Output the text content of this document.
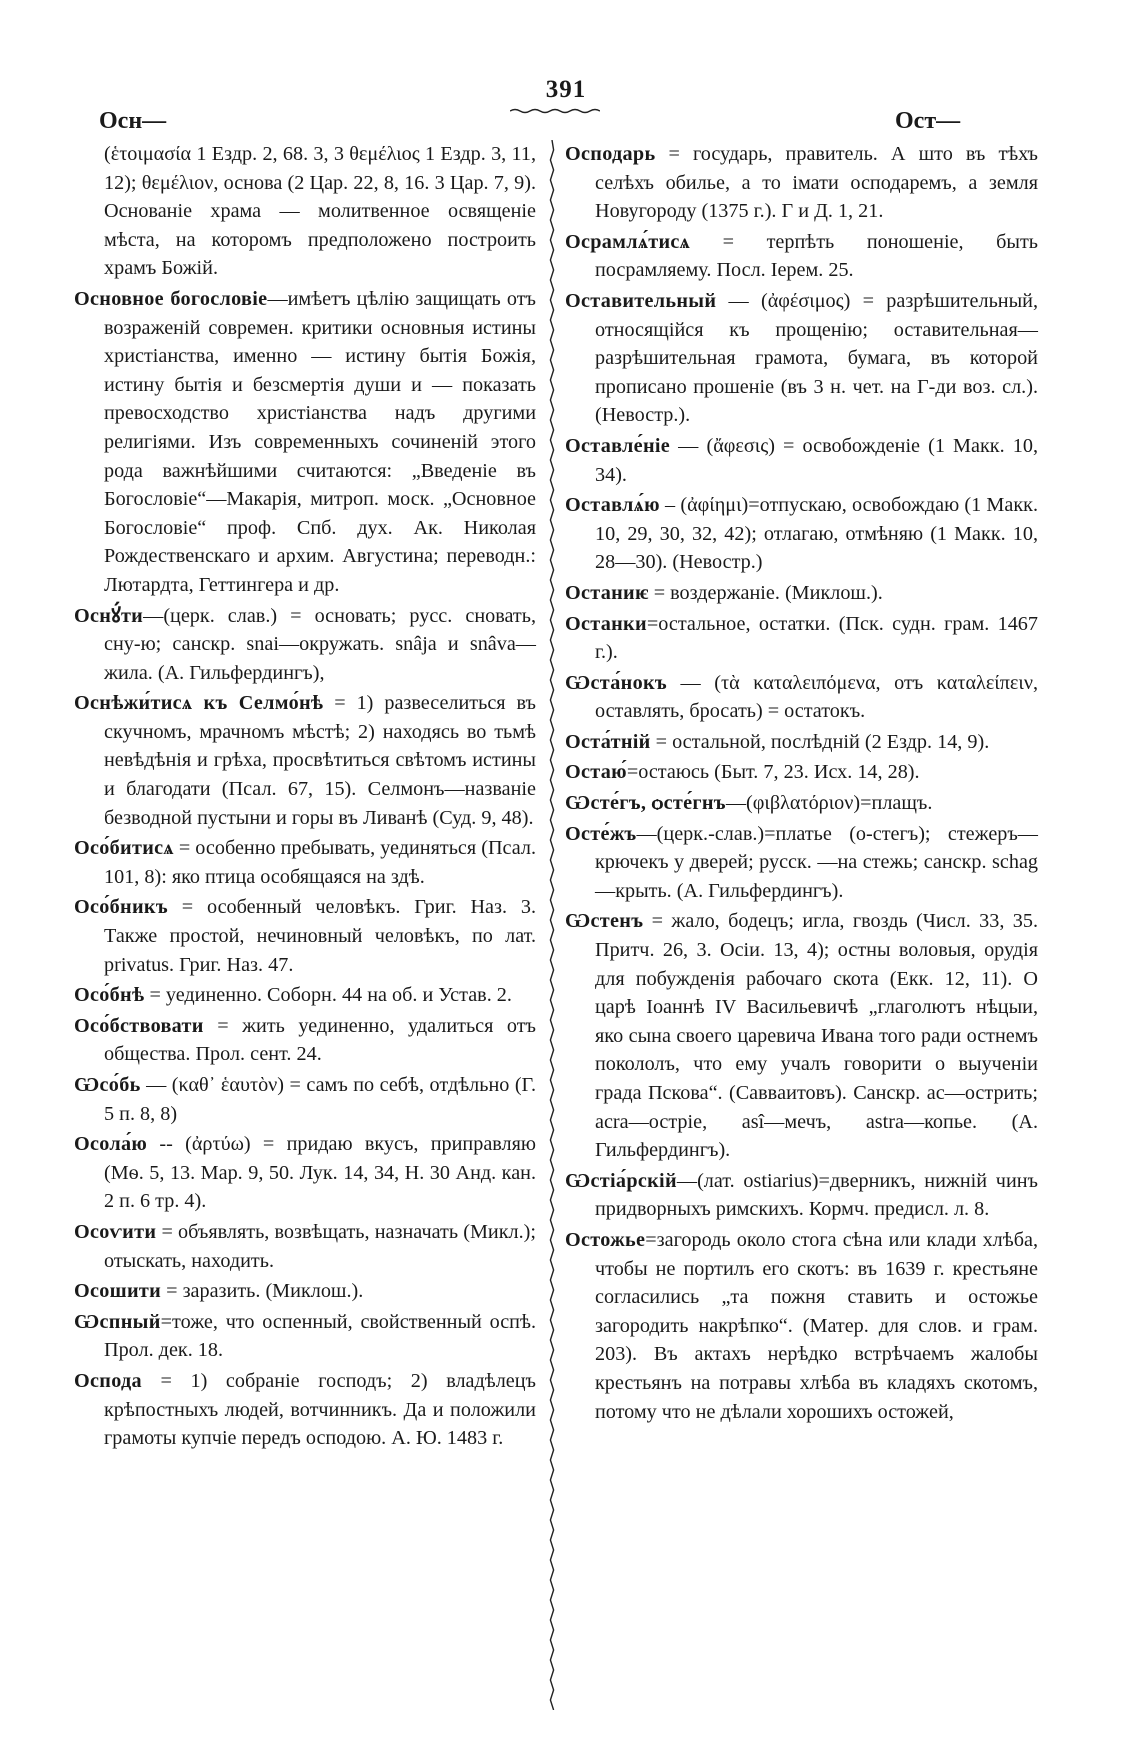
391
Осн—	Ост—

(ἑτοιμασία 1 Ездр. 2, 68. 3, 3 θεμέλιος 1 Ездр. 3, 11, 12); θεμέλιον, основа (2 Цар. 22, 8, 16. 3 Цар. 7, 9). Основаніе храма — молитвенное освященіе мѣста, на которомъ предположено построить храмъ Божій.

Основное богословіе—имѣетъ цѣлію защищать отъ возраженій современ. критики основныя истины христіанства, именно — истину бытія Божія, истину бытія и безсмертія души и — показать превосходство христіанства надъ другими религіями. Изъ современныхъ сочиненій этого рода важнѣйшими считаются: „Введеніе въ Богословіе“—Макарія, митроп. моск. „Основное Богословіе“ проф. Спб. дух. Ак. Николая Рождественскаго и архим. Августина; переводн.: Лютардта, Геттингера и др.

Оснꙋ́ти—(церк. слав.) = основать; русс. сновать, сну-ю; санскр. snai—окружать. snâja и snâva—жила. (А. Гильфердингъ),

Оснѣжи́тисѧ къ Селмо́нѣ = 1) развеселиться въ скучномъ, мрачномъ мѣстѣ; 2) находясь во тьмѣ невѣдѣнія и грѣха, просвѣтиться свѣтомъ истины и благодати (Псал. 67, 15). Селмонъ—названіе безводной пустыни и горы въ Ливанѣ (Суд. 9, 48).

Осо́битисѧ = особенно пребывать, уединяться (Псал. 101, 8): яко птица особящаяся на здѣ.

Осо́бникъ = особенный человѣкъ. Григ. Наз. 3. Также простой, нечиновный человѣкъ, по лат. privatus. Григ. Наз. 47.

Осо́бнѣ = уединенно. Соборн. 44 на об. и Устав. 2.

Осо́бствовати = жить уединенно, удалиться отъ общества. Прол. сент. 24.

Ѡсо́бь — (καθ᾿ ἑαυτὸν) = самъ по себѣ, отдѣльно (Г. 5 п. 8, 8)

Осола́ю -- (ἀρτύω) = придаю вкусъ, приправляю (Мѳ. 5, 13. Мар. 9, 50. Лук. 14, 34, Н. 30 Анд. кан. 2 п. 6 тр. 4).

Осоѵити = объявлять, возвѣщать, назначать (Микл.); отыскать, находить.

Осошити = заразить. (Миклош.).

Ѡспный=тоже, что оспенный, свойственный оспѣ. Прол. дек. 18.

Оспода = 1) собраніе господъ; 2) владѣлецъ крѣпостныхъ людей, вотчинникъ. Да и положили грамоты купчіе передъ осподою. А. Ю. 1483 г.

Осподарь = государь, правитель. А што въ тѣхъ селѣхъ обилье, а то імати осподаремъ, а земля Новугороду (1375 г.). Г и Д. 1, 21.

Осрамлѧ́тисѧ = терпѣть поношеніе, быть посрамляему. Посл. Іерем. 25.

Оставительный — (ἀφέσιμος) = разрѣшительный, относящійся къ прощенію; оставительная—разрѣшительная грамота, бумага, въ которой прописано прошеніе (въ 3 н. чет. на Г-ди воз. сл.). (Невостр.).

Оставле́ніе — (ἄφεσις) = освобожденіе (1 Макк. 10, 34).

Оставлѧ́ю – (ἀφίημι)=отпускаю, освобождаю (1 Макк. 10, 29, 30, 32, 42); отлагаю, отмѣняю (1 Макк. 10, 28—30). (Невостр.)

Останиѥ = воздержаніе. (Миклош.).

Останки=остальное, остатки. (Пск. судн. грам. 1467 г.).

Ѡста́нокъ — (τὰ καταλειπόμενα, отъ καταλείπειν, оставлять, бросать) = остатокъ.

Оста́тній = остальной, послѣдній (2 Ездр. 14, 9).

Остаю́=остаюсь (Быт. 7, 23. Исх. 14, 28).

Ѡсте́гъ, ѻсте́гнъ—(φιβλατόριον)=плащъ.

Осте́жъ—(церк.-слав.)=платье (о-стегъ); стежеръ—крючекъ у дверей; русск. —на стежь; санскр. schag—крыть. (А. Гильфердингъ).

Ѡстенъ = жало, бодецъ; игла, гвоздь (Числ. 33, 35. Притч. 26, 3. Осіи. 13, 4); остны воловыя, орудія для побужденія рабочаго скота (Екк. 12, 11). О царѣ Іоаннѣ IV Васильевичѣ „глаголютъ нѣцыи, яко сына своего царевича Ивана того ради остнемъ покололъ, что ему учалъ говорити о выученіи града Пскова“. (Саввaитовъ). Санскр. ас—острить; acra—остріе, asî—мечъ, astra—копье. (А. Гильфердингъ).

Ѡстіа́рскій—(лат. ostiarius)=дверникъ, нижній чинъ придворныхъ римскихъ. Кормч. предисл. л. 8.

Остожье=загородь около стога сѣна или клади хлѣба, чтобы не портилъ его скотъ: въ 1639 г. крестьяне согласились „та пожня ставить и остожье загородить накрѣпко“. (Матер. для слов. и грам. 203). Въ актахъ нерѣдко встрѣчаемъ жалобы крестьянъ на потравы хлѣба въ кладяхъ скотомъ, потому что не дѣлали хорошихъ остожей,
